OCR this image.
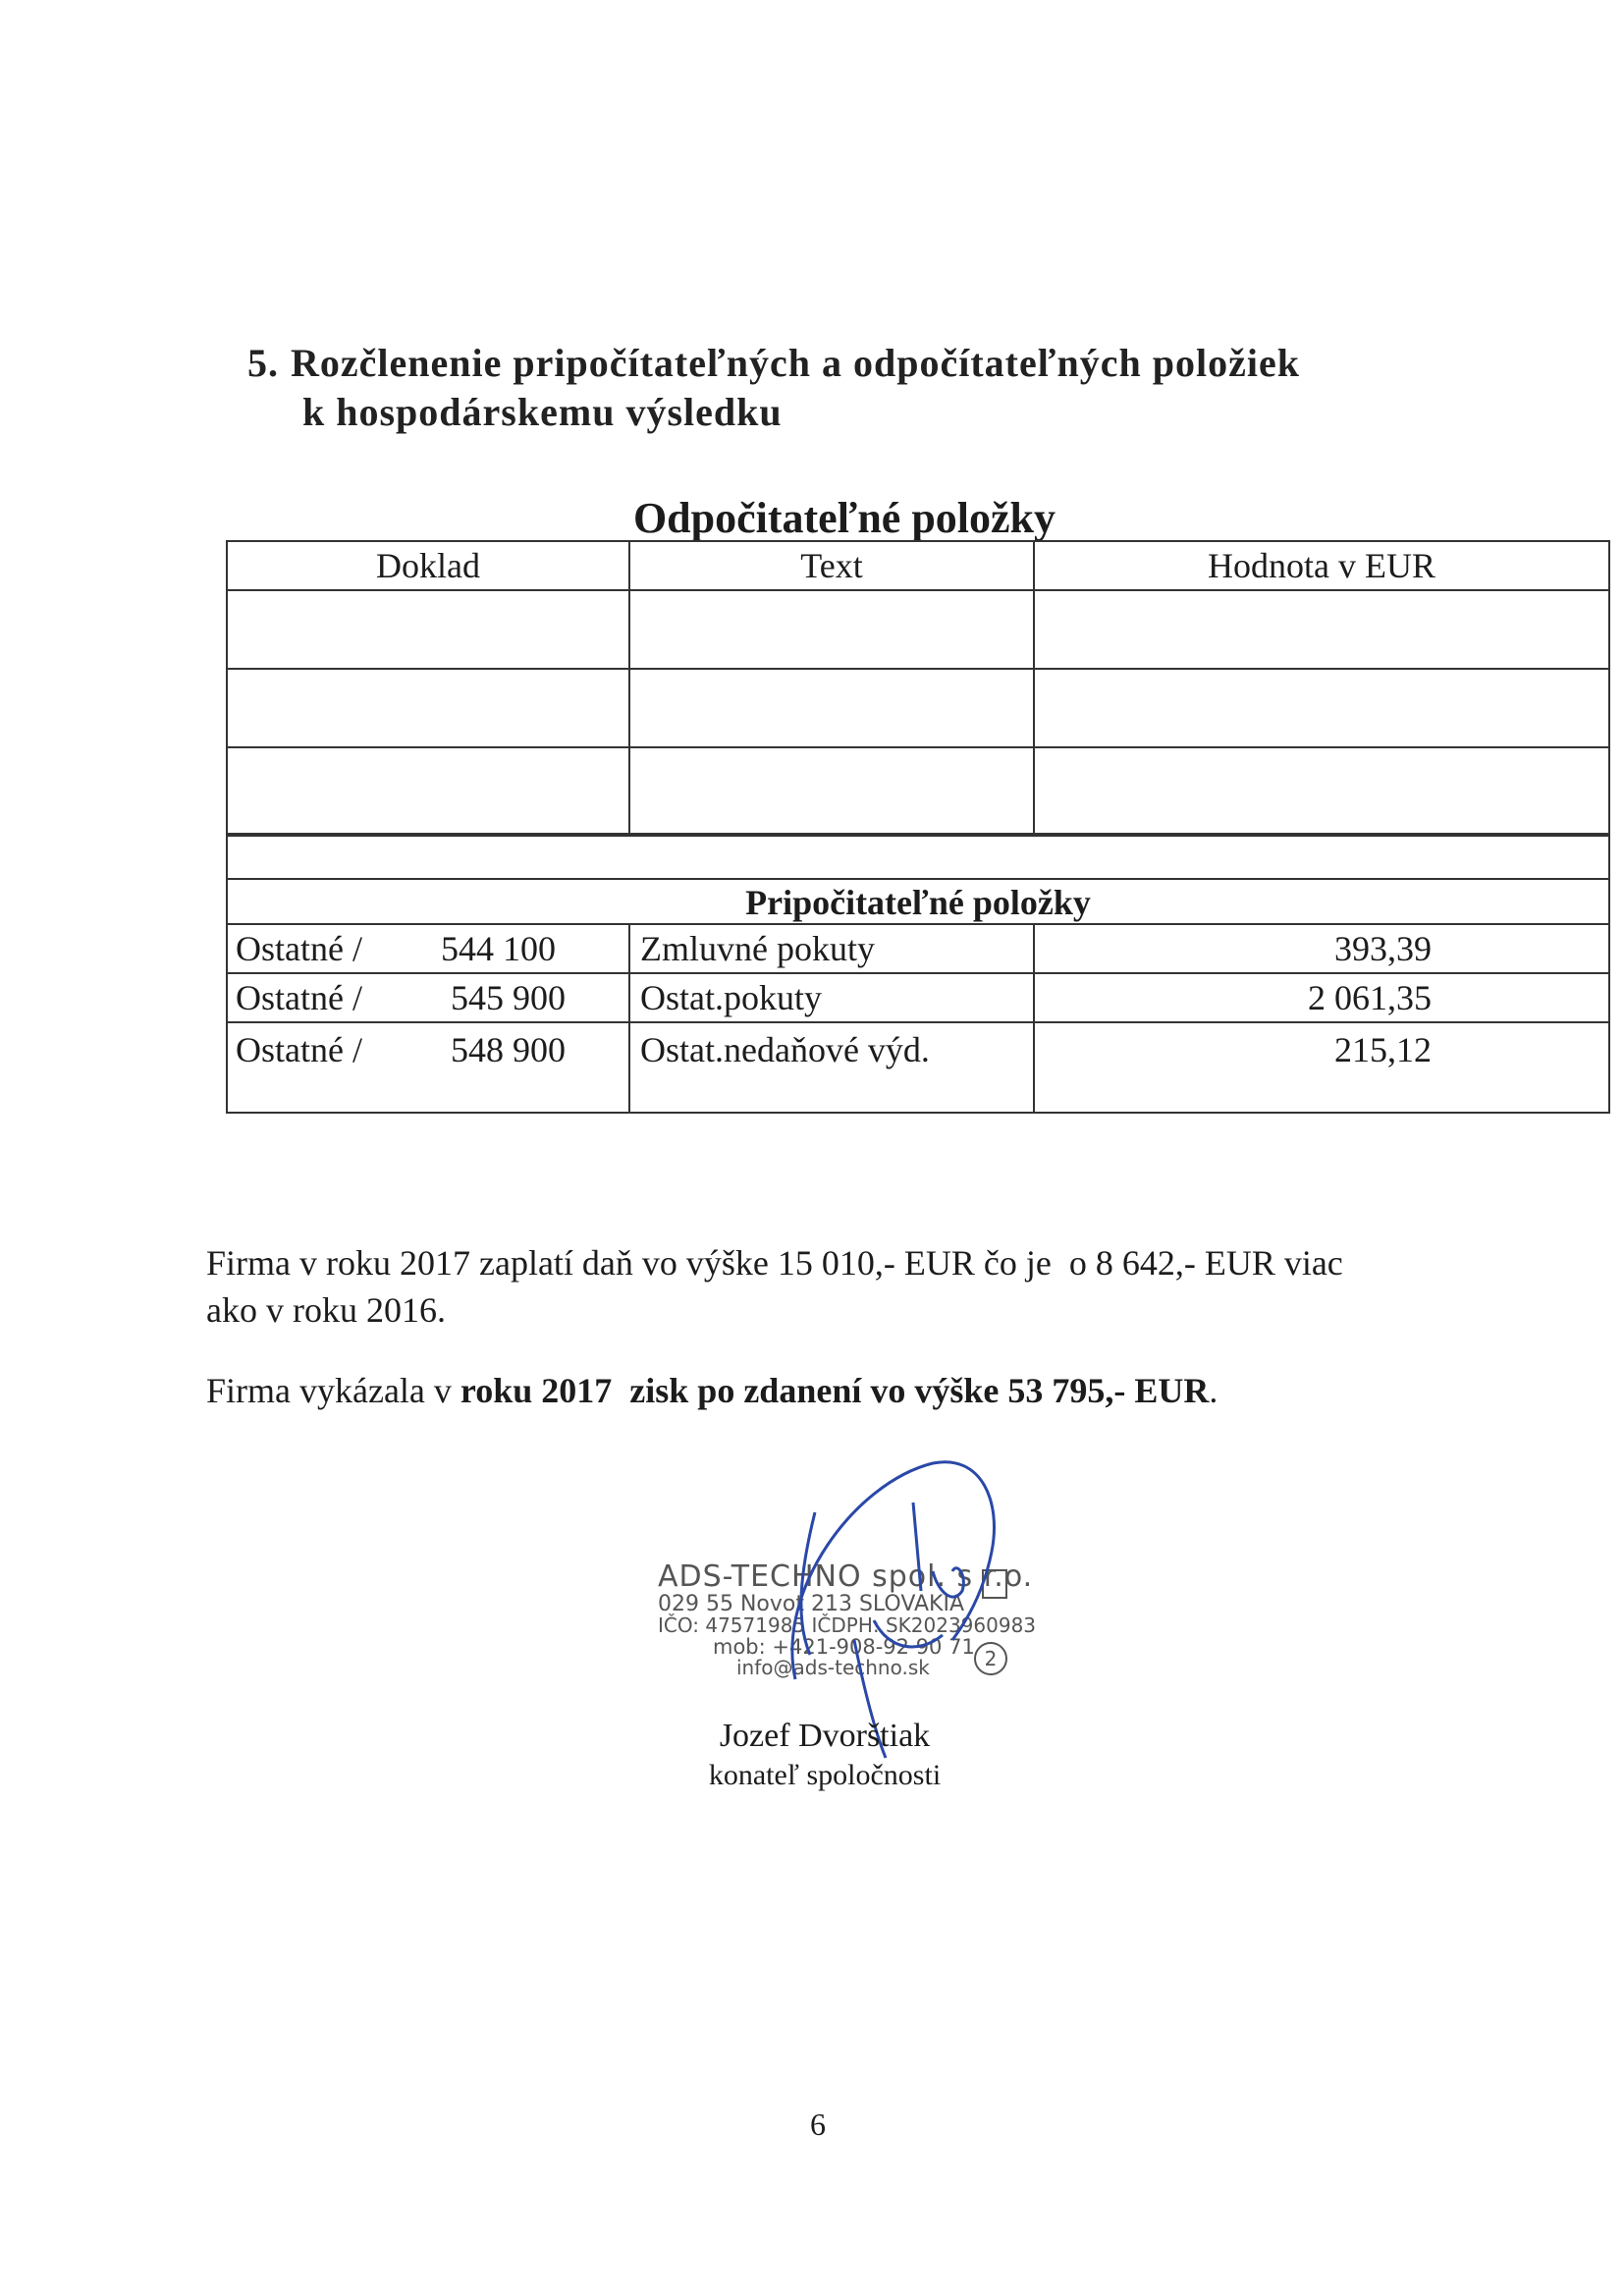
5. Rozčlenenie pripočítateľných a odpočítateľných položiek
k hospodárskemu výsledku
Odpočitateľné položky
Doklad	Text	Hodnota v EUR

Pripočitateľné položky		
Ostatné / 544 100	Zmluvné pokuty	393,39
Ostatné / 545 900	Ostat.pokuty	2 061,35
Ostatné / 548 900	Ostat.nedaňové výd.	215,12
Firma v roku 2017 zaplatí daň vo výške 15 010,- EUR čo je  o 8 642,- EUR viac
ako v roku 2016.
Firma vykázala v roku 2017  zisk po zdanení vo výške 53 795,- EUR.
ADS-TECHNO spol. s r.o.
029 55 Novoť 213 SLOVAKIA
IČO: 47571985 IČDPH: SK2023960983
mob: +421-908-92 90 71
info@ads-techno.sk	2
Jozef Dvorštiak
konateľ spoločnosti
6
